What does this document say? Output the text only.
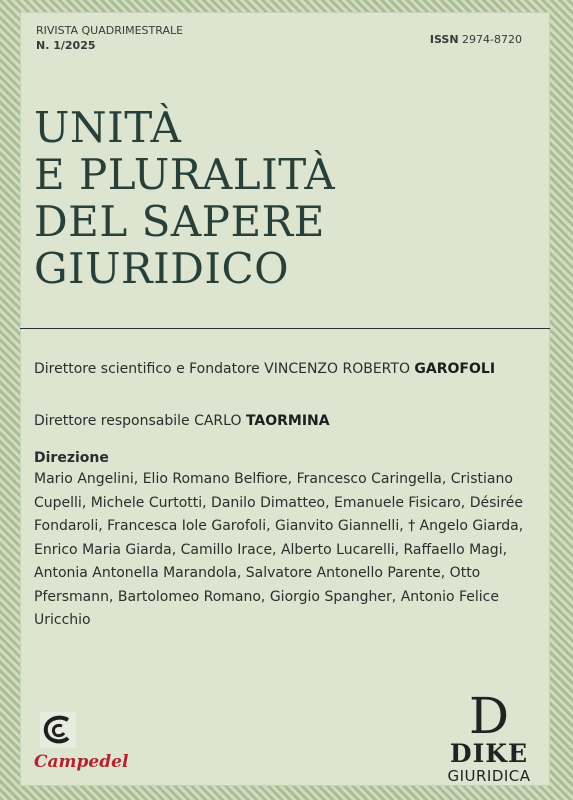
RIVISTA QUADRIMESTRALE
N. 1/2025	ISSN 2974-8720
UNITÀ
E PLURALITÀ
DEL SAPERE
GIURIDICO
Direttore scientifico e Fondatore VINCENZO ROBERTO GAROFOLI
Direttore responsabile CARLO TAORMINA
Direzione
Mario Angelini, Elio Romano Belfiore, Francesco Caringella, Cristiano Cupelli, Michele Curtotti, Danilo Dimatteo, Emanuele Fisicaro, Désirée Fondaroli, Francesca Iole Garofoli, Gianvito Giannelli, † Angelo Giarda, Enrico Maria Giarda, Camillo Irace, Alberto Lucarelli, Raffaello Magi, Antonia Antonella Marandola, Salvatore Antonello Parente, Otto Pfersmann, Bartolomeo Romano, Giorgio Spangher, Antonio Felice Uricchio
Campedel
D
DIKE
GIURIDICA
